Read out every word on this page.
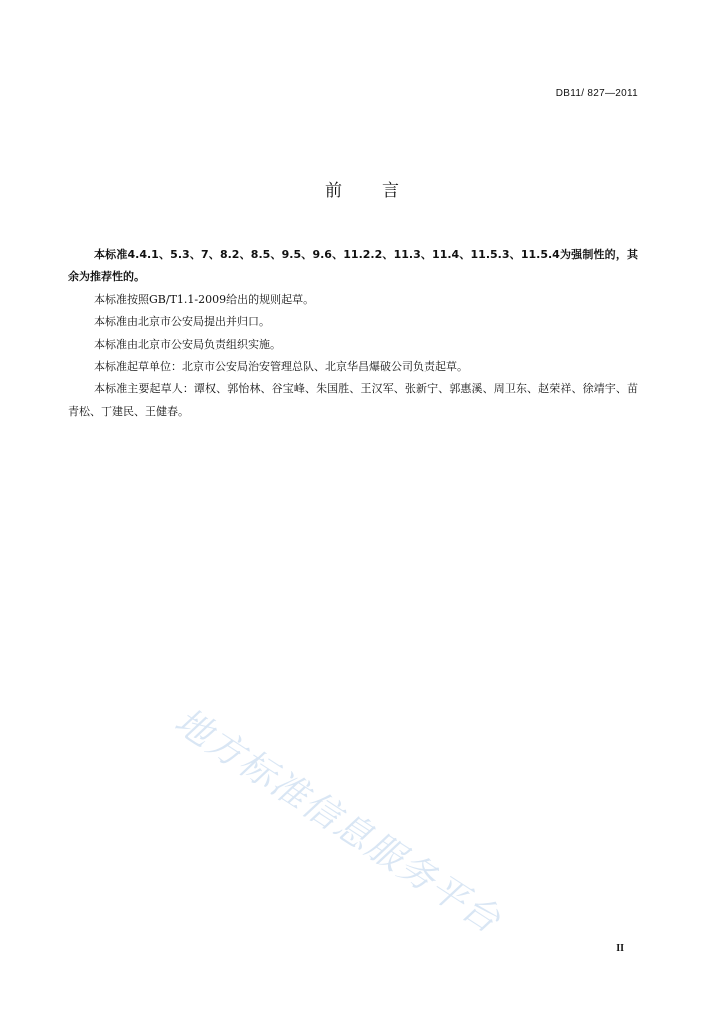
DB11/ 827—2011
前言

本标准4.4.1、5.3、7、8.2、8.5、9.5、9.6、11.2.2、11.3、11.4、11.5.3、11.5.4为强制性的，其余为推荐性的。

本标准按照GB/T1.1-2009给出的规则起草。

本标准由北京市公安局提出并归口。

本标准由北京市公安局负责组织实施。

本标准起草单位：北京市公安局治安管理总队、北京华昌爆破公司负责起草。

本标准主要起草人：谭权、郭怡林、谷宝峰、朱国胜、王汉军、张新宁、郭惠溪、周卫东、赵荣祥、徐靖宇、苗青松、丁建民、王健春。

地方标准信息服务平台
II
